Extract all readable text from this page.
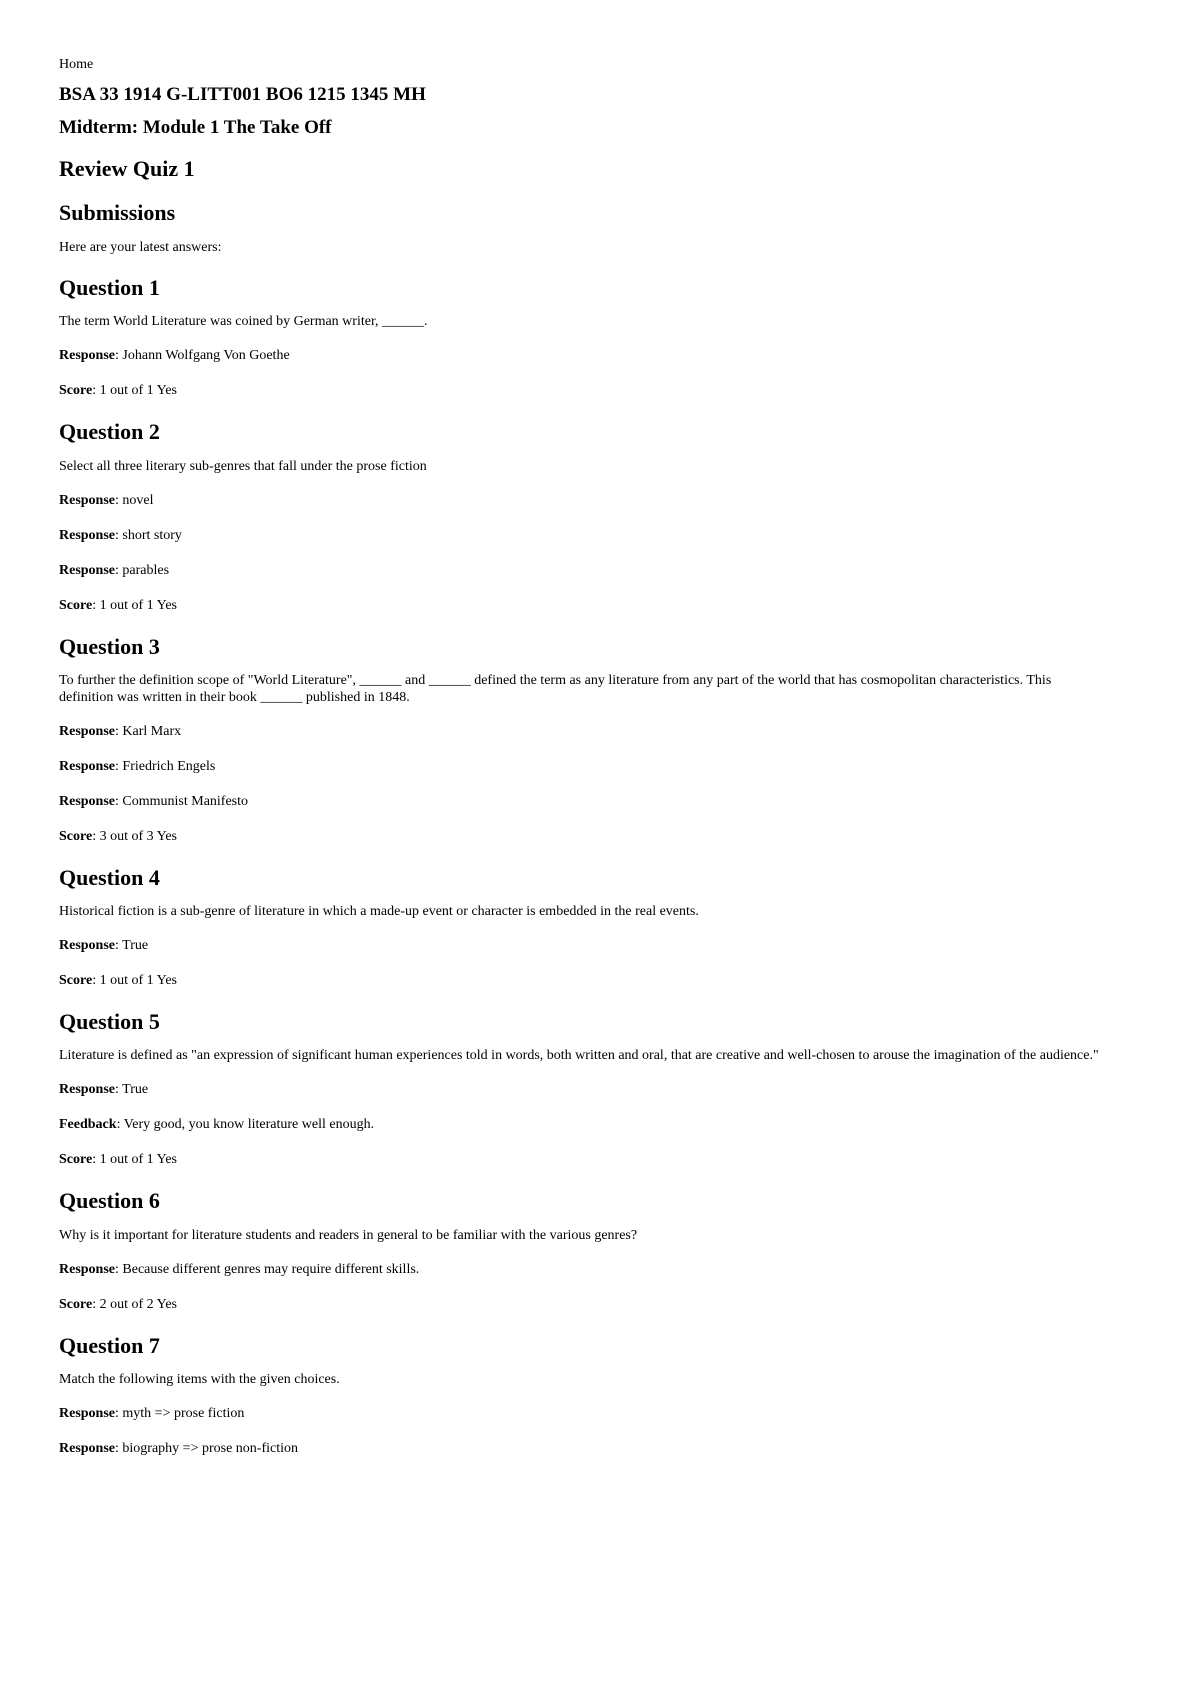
Home
BSA 33 1914 G-LITT001 BO6 1215 1345 MH
Midterm: Module 1 The Take Off
Review Quiz 1
Submissions
Here are your latest answers:
Question 1
The term World Literature was coined by German writer, ______.
Response: Johann Wolfgang Von Goethe
Score: 1 out of 1 Yes
Question 2
Select all three literary sub-genres that fall under the prose fiction
Response: novel
Response: short story
Response: parables
Score: 1 out of 1 Yes
Question 3
To further the definition scope of "World Literature", ______ and ______ defined the term as any literature from any part of the world that has cosmopolitan characteristics. This definition was written in their book ______ published in 1848.
Response: Karl Marx
Response: Friedrich Engels
Response: Communist Manifesto
Score: 3 out of 3 Yes
Question 4
Historical fiction is a sub-genre of literature in which a made-up event or character is embedded in the real events.
Response: True
Score: 1 out of 1 Yes
Question 5
Literature is defined as "an expression of significant human experiences told in words, both written and oral, that are creative and well-chosen to arouse the imagination of the audience."
Response: True
Feedback: Very good, you know literature well enough.
Score: 1 out of 1 Yes
Question 6
Why is it important for literature students and readers in general to be familiar with the various genres?
Response: Because different genres may require different skills.
Score: 2 out of 2 Yes
Question 7
Match the following items with the given choices.
Response: myth => prose fiction
Response: biography => prose non-fiction
